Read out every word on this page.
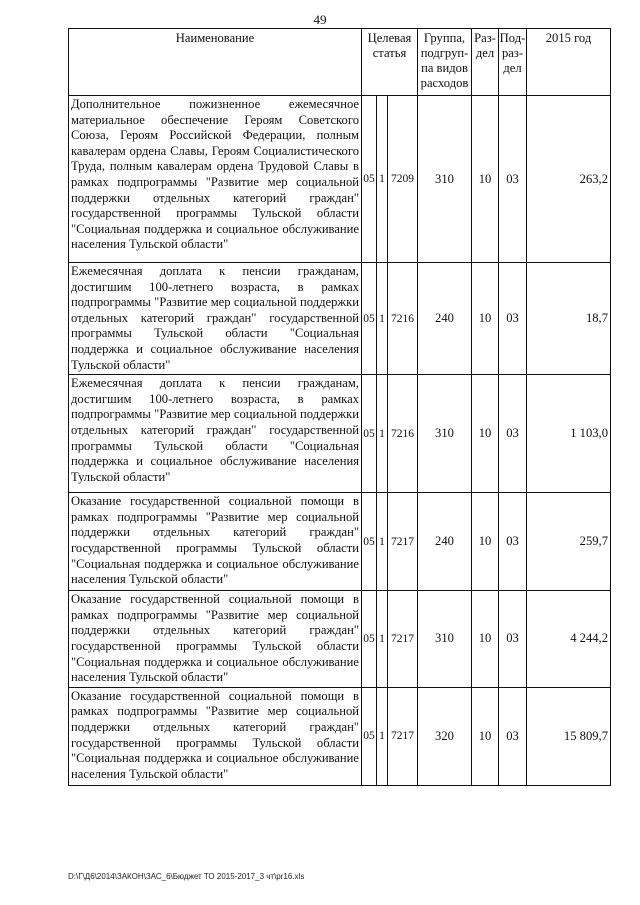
49
Наименование	Целевая статья			Группа, подгруп-па видов расходов	Раз-дел	Под-раз-дел	2015 год
Дополнительное пожизненное ежемесячное материальное обеспечение Героям Советского Союза, Героям Российской Федерации, полным кавалерам ордена Славы, Героям Социалистического Труда, полным кавалерам ордена Трудовой Славы в рамках подпрограммы "Развитие мер социальной поддержки отдельных категорий граждан" государственной программы Тульской области "Социальная поддержка и социальное обслуживание населения Тульской области"	05	1	7209	310	10	03	263,2
Ежемесячная доплата к пенсии гражданам, достигшим 100-летнего возраста, в рамках подпрограммы "Развитие мер социальной поддержки отдельных категорий граждан" государственной программы Тульской области "Социальная поддержка и социальное обслуживание населения Тульской области"	05	1	7216	240	10	03	18,7
Ежемесячная доплата к пенсии гражданам, достигшим 100-летнего возраста, в рамках подпрограммы "Развитие мер социальной поддержки отдельных категорий граждан" государственной программы Тульской области "Социальная поддержка и социальное обслуживание населения Тульской области"	05	1	7216	310	10	03	1 103,0
Оказание государственной социальной помощи в рамках подпрограммы "Развитие мер социальной поддержки отдельных категорий граждан" государственной программы Тульской области "Социальная поддержка и социальное обслуживание населения Тульской области"	05	1	7217	240	10	03	259,7
Оказание государственной социальной помощи в рамках подпрограммы "Развитие мер социальной поддержки отдельных категорий граждан" государственной программы Тульской области "Социальная поддержка и социальное обслуживание населения Тульской области"	05	1	7217	310	10	03	4 244,2
Оказание государственной социальной помощи в рамках подпрограммы "Развитие мер социальной поддержки отдельных категорий граждан" государственной программы Тульской области "Социальная поддержка и социальное обслуживание населения Тульской области"	05	1	7217	320	10	03	15 809,7
D:\Г\Д6\2014\ЗАКОН\ЗАС_6\Бюджет ТО 2015-2017_3 чт\pr16.xls
